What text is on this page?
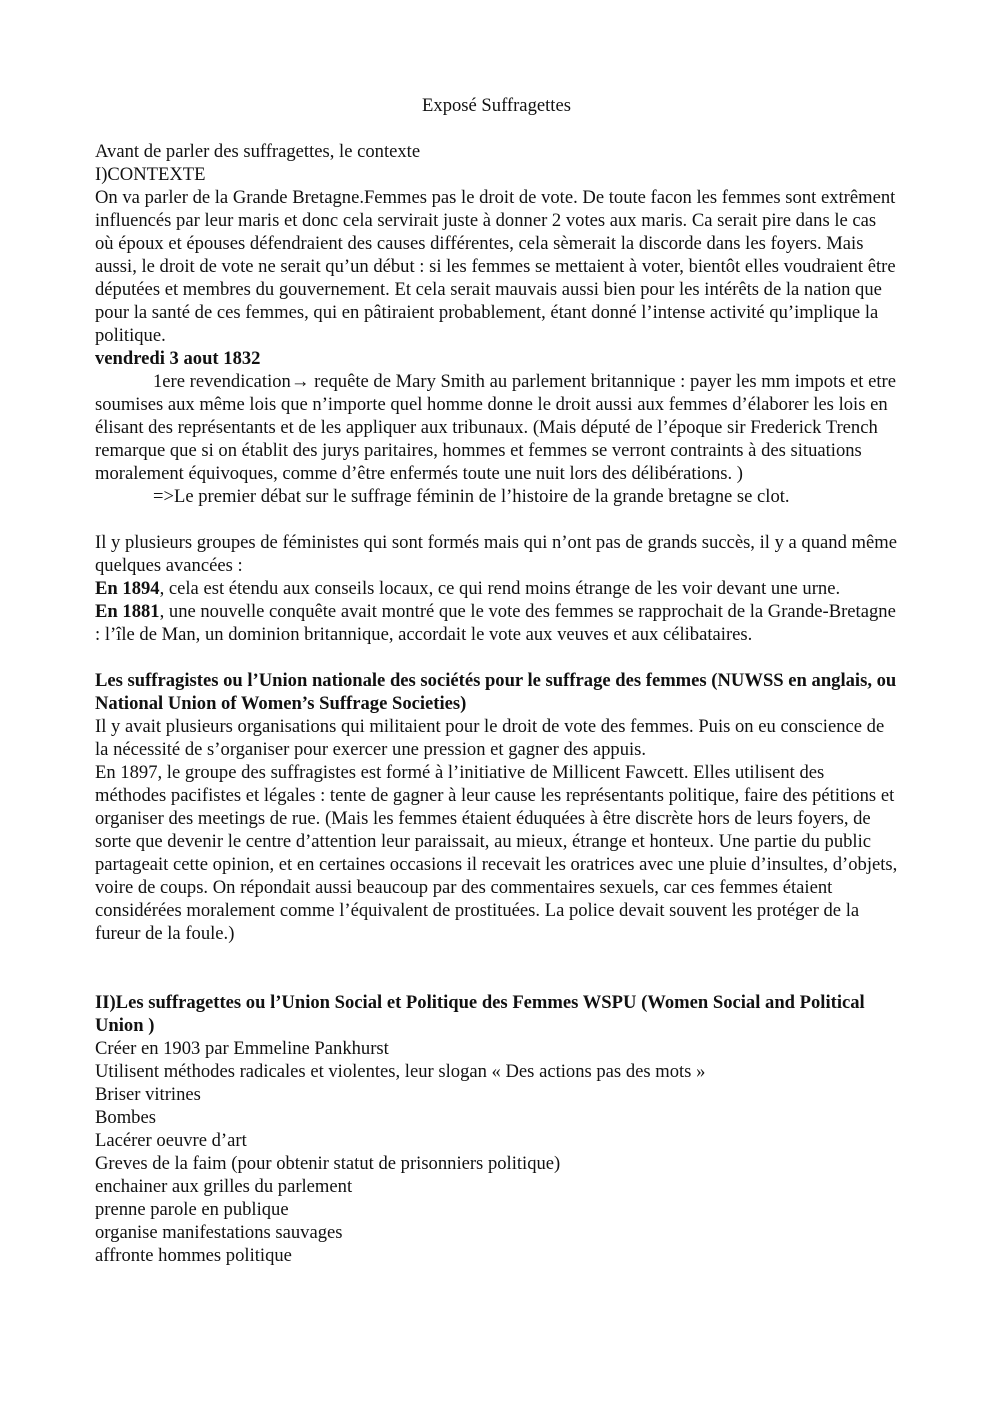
Exposé Suffragettes

Avant de parler des suffragettes, le contexte

I)CONTEXTE

On va parler de la Grande Bretagne.Femmes pas le droit de vote. De toute facon les femmes sont extrêment influencés par leur maris et donc cela servirait juste à donner 2 votes aux maris. Ca serait pire dans le cas où époux et épouses défendraient des causes différentes, cela sèmerait la discorde dans les foyers. Mais aussi, le droit de vote ne serait qu’un début : si les femmes se mettaient à voter, bientôt elles voudraient être députées et membres du gouvernement. Et cela serait mauvais aussi bien pour les intérêts de la nation que pour la santé de ces femmes, qui en pâtiraient probablement, étant donné l’intense activité qu’implique la politique.

vendredi 3 aout 1832

1ere revendication→ requête de Mary Smith au parlement britannique : payer les mm impots et etre soumises aux même lois que n’importe quel homme donne le droit aussi aux femmes d’élaborer les lois en élisant des représentants et de les appliquer aux tribunaux. (Mais député de l’époque sir Frederick Trench remarque que si on établit des jurys paritaires, hommes et femmes se verront contraints à des situations moralement équivoques, comme d’être enfermés toute une nuit lors des délibérations. )

=>Le premier débat sur le suffrage féminin de l’histoire de la grande bretagne se clot.

Il y plusieurs groupes de féministes qui sont formés mais qui n’ont pas de grands succès, il y a quand même quelques avancées :

En 1894, cela est étendu aux conseils locaux, ce qui rend moins étrange de les voir devant une urne.

En 1881, une nouvelle conquête avait montré que le vote des femmes se rapprochait de la Grande-Bretagne : l’île de Man, un dominion britannique, accordait le vote aux veuves et aux célibataires.

Les suffragistes ou l’Union nationale des sociétés pour le suffrage des femmes (NUWSS en anglais, ou National Union of Women’s Suffrage Societies)

Il y avait plusieurs organisations qui militaient pour le droit de vote des femmes. Puis on eu conscience de la nécessité de s’organiser pour exercer une pression et gagner des appuis.

En 1897, le groupe des suffragistes est formé à l’initiative de Millicent Fawcett. Elles utilisent des méthodes pacifistes et légales : tente de gagner à leur cause les représentants politique, faire des pétitions et organiser des meetings de rue. (Mais les femmes étaient éduquées à être discrète hors de leurs foyers, de sorte que devenir le centre d’attention leur paraissait, au mieux, étrange et honteux. Une partie du public partageait cette opinion, et en certaines occasions il recevait les oratrices avec une pluie d’insultes, d’objets, voire de coups. On répondait aussi beaucoup par des commentaires sexuels, car ces femmes étaient considérées moralement comme l’équivalent de prostituées. La police devait souvent les protéger de la fureur de la foule.)

II)Les suffragettes ou l’Union Social et Politique des Femmes WSPU (Women Social and Political Union )

Créer en 1903 par Emmeline Pankhurst

Utilisent méthodes radicales et violentes, leur slogan « Des actions pas des mots »

Briser vitrines
Bombes
Lacérer oeuvre d’art
Greves de la faim (pour obtenir statut de prisonniers politique)
enchainer aux grilles du parlement
prenne parole en publique
organise manifestations sauvages
affronte hommes politique
